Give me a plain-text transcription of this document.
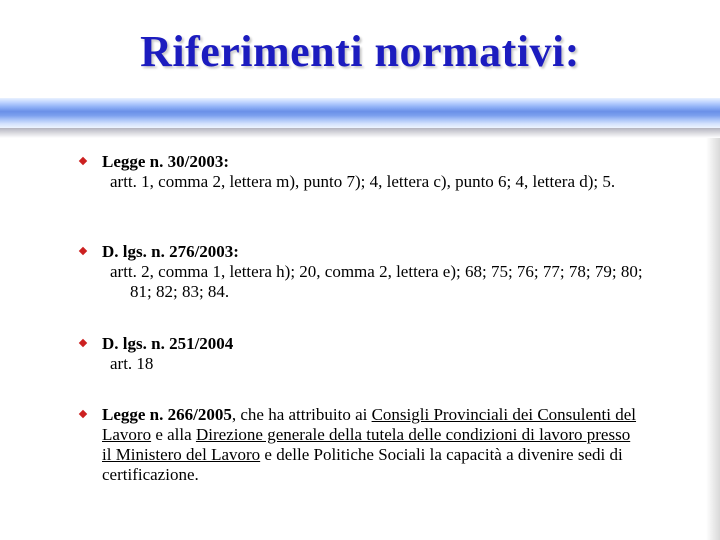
Riferimenti normativi:
Legge n. 30/2003:
artt. 1, comma 2, lettera m), punto 7); 4, lettera c), punto 6; 4, lettera d); 5.
D. lgs. n. 276/2003:
artt. 2, comma 1, lettera h); 20, comma 2, lettera e); 68; 75; 76; 77; 78; 79; 80; 81; 82; 83; 84.
D. lgs. n. 251/2004
art. 18
Legge n. 266/2005, che ha attribuito ai Consigli Provinciali dei Consulenti del Lavoro e alla Direzione generale della tutela delle condizioni di lavoro presso il Ministero del Lavoro e delle Politiche Sociali la capacità a divenire sedi di certificazione.
